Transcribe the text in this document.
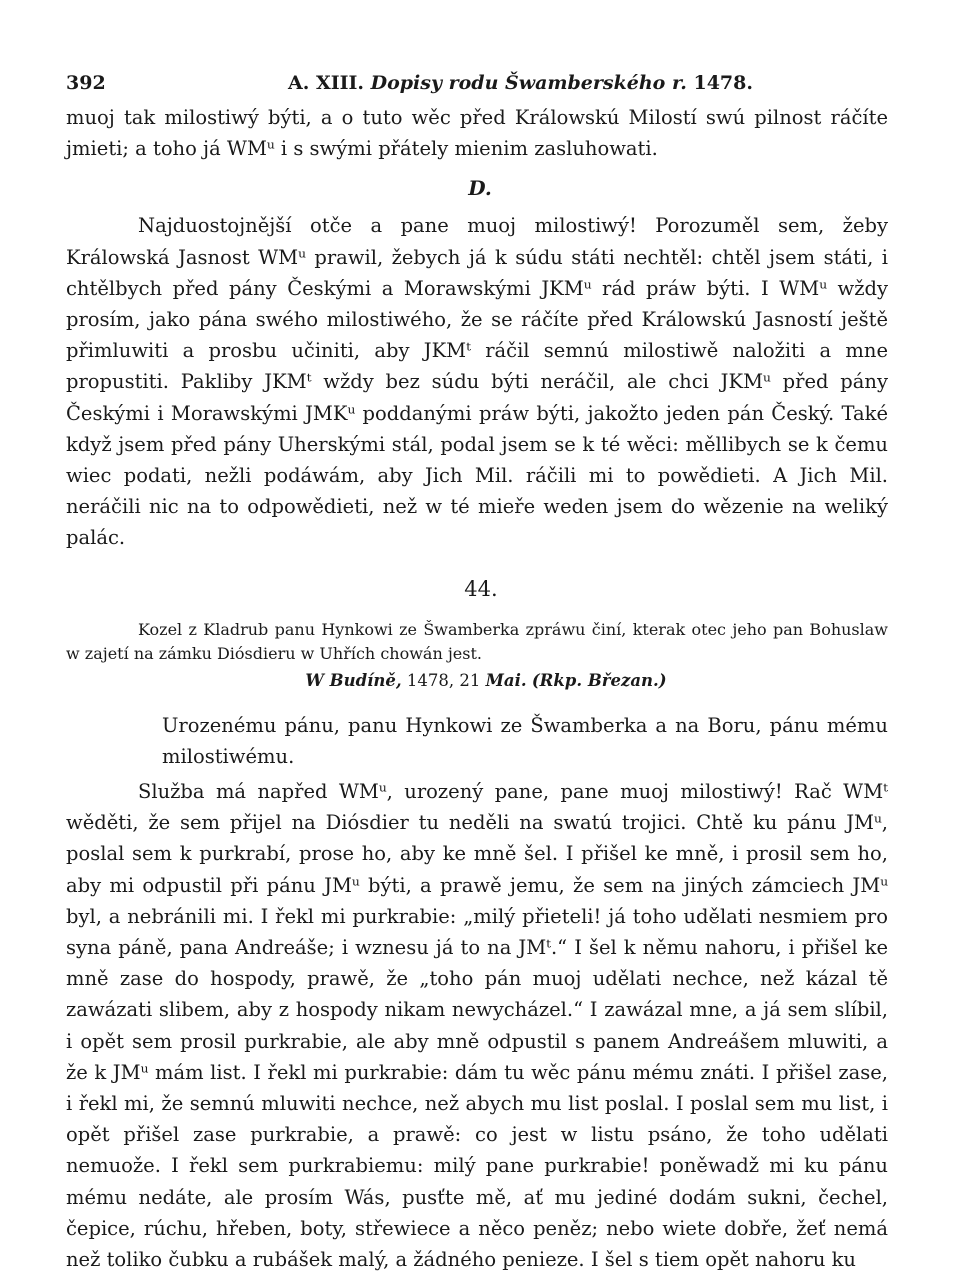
392	A. XIII. Dopisy rodu Šwamberského r. 1478.

muoj tak milostiwý býti, a o tuto wěc před Králowskú Milostí swú pilnost ráčíte jmieti; a toho já WMᵘ i s swými přátely mienim zasluhowati.

D.

Najduostojnější otče a pane muoj milostiwý! Porozuměl sem, žeby Králowská Jasnost WMᵘ prawil, žebych já k súdu státi nechtěl: chtěl jsem státi, i chtělbych před pány Českými a Morawskými JKMᵘ rád práw býti. I WMᵘ wždy prosím, jako pána swého milostiwého, že se ráčíte před Králowskú Jasností ještě přimluwiti a prosbu učiniti, aby JKMᵗ ráčil semnú milostiwě naložiti a mne propustiti. Pakliby JKMᵗ wždy bez súdu býti neráčil, ale chci JKMᵘ před pány Českými i Morawskými JMKᵘ poddanými práw býti, jakožto jeden pán Český. Také když jsem před pány Uherskými stál, podal jsem se k té wěci: měllibych se k čemu wiec podati, nežli podáwám, aby Jich Mil. ráčili mi to powědieti. A Jich Mil. neráčili nic na to odpowědieti, než w té mieře weden jsem do wězenie na weliký palác.

44.

Kozel z Kladrub panu Hynkowi ze Šwamberka zpráwu činí, kterak otec jeho pan Bohuslaw w zajetí na zámku Diósdieru w Uhřích chowán jest.

W Budíně, 1478, 21 Mai. (Rkp. Březan.)

Urozenému pánu, panu Hynkowi ze Šwamberka a na Boru, pánu mému milostiwému.

Služba má napřed WMᵘ, urozený pane, pane muoj milostiwý! Rač WMᵗ wěděti, že sem přijel na Diósdier tu neděli na swatú trojici. Chtě ku pánu JMᵘ, poslal sem k purkrabí, prose ho, aby ke mně šel. I přišel ke mně, i prosil sem ho, aby mi odpustil při pánu JMᵘ býti, a prawě jemu, že sem na jiných zámciech JMᵘ byl, a nebránili mi. I řekl mi purkrabie: „milý přieteli! já toho udělati nesmiem pro syna páně, pana Andreáše; i wznesu já to na JMᵗ.“ I šel k němu nahoru, i přišel ke mně zase do hospody, prawě, že „toho pán muoj udělati nechce, než kázal tě zawázati slibem, aby z hospody nikam newycházel.“ I zawázal mne, a já sem slíbil, i opět sem prosil purkrabie, ale aby mně odpustil s panem Andreášem mluwiti, a že k JMᵘ mám list. I řekl mi purkrabie: dám tu wěc pánu mému znáti. I přišel zase, i řekl mi, že semnú mluwiti nechce, než abych mu list poslal. I poslal sem mu list, i opět přišel zase purkrabie, a prawě: co jest w listu psáno, že toho udělati nemuože. I řekl sem purkrabiemu: milý pane purkrabie! poněwadž mi ku pánu mému nedáte, ale prosím Wás, pusťte mě, ať mu jediné dodám sukni, čechel, čepice, rúchu, hřeben, boty, střewiece a něco peněz; nebo wiete dobře, žeť nemá než toliko čubku a rubášek malý, a žádného penieze. I šel s tiem opět nahoru ku
